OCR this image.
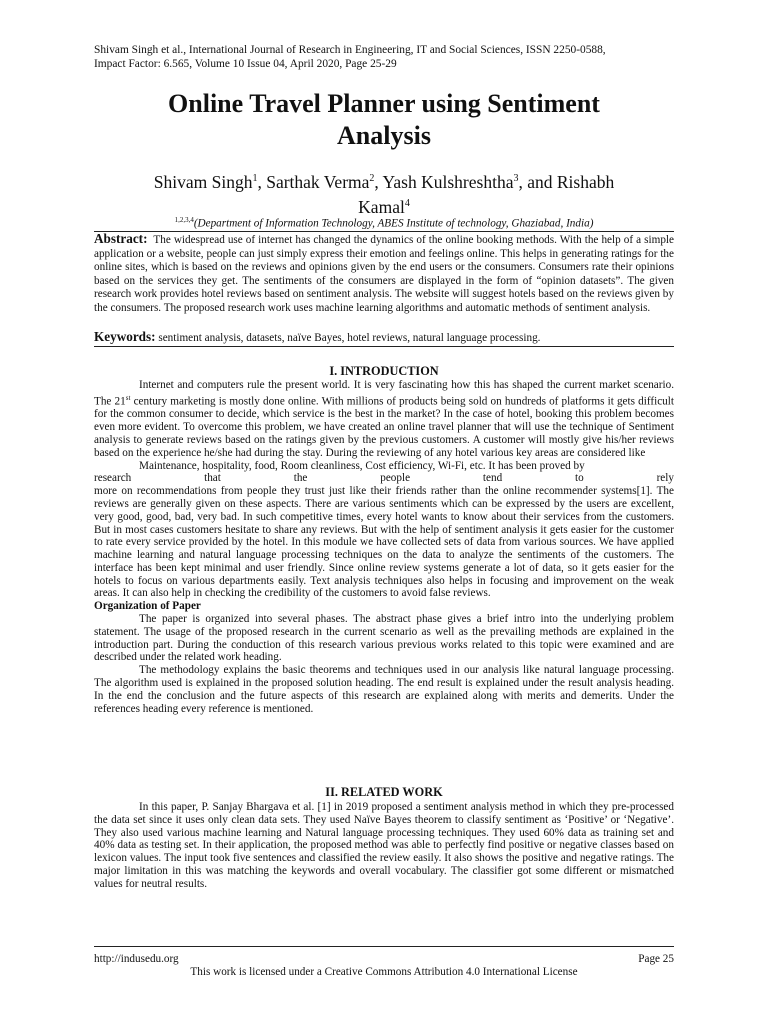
Shivam Singh et al., International Journal of Research in Engineering, IT and Social Sciences, ISSN 2250-0588,
Impact Factor: 6.565, Volume 10 Issue 04, April 2020, Page 25-29
Online Travel Planner using Sentiment
Analysis
Shivam Singh$^1$, Sarthak Verma$^2$, Yash Kulshreshtha$^3$, and Rishabh
Kamal$^4$
$^{1,2,3,4}$(Department of Information Technology, ABES Institute of technology, Ghaziabad, India)
Abstract: The widespread use of internet has changed the dynamics of the online booking methods. With the help of a simple application or a website, people can just simply express their emotion and feelings online. This helps in generating ratings for the online sites, which is based on the reviews and opinions given by the end users or the consumers. Consumers rate their opinions based on the services they get. The sentiments of the consumers are displayed in the form of “opinion datasets”. The given research work provides hotel reviews based on sentiment analysis. The website will suggest hotels based on the reviews given by the consumers. The proposed research work uses machine learning algorithms and automatic methods of sentiment analysis.
Keywords: sentiment analysis, datasets, naïve Bayes, hotel reviews, natural language processing.
I. INTRODUCTION

Internet and computers rule the present world. It is very fascinating how this has shaped the current market scenario. The 21st century marketing is mostly done online. With millions of products being sold on hundreds of platforms it gets difficult for the common consumer to decide, which service is the best in the market? In the case of hotel, booking this problem becomes even more evident. To overcome this problem, we have created an online travel planner that will use the technique of Sentiment analysis to generate reviews based on the ratings given by the previous customers. A customer will mostly give his/her reviews based on the experience he/she had during the stay. During the reviewing of any hotel various key areas are considered like

Maintenance, hospitality, food, Room cleanliness, Cost efficiency, Wi-Fi, etc. It has been proved by

research	that	the	people	tend	to	rely

more on recommendations from people they trust just like their friends rather than the online recommender systems[1]. The reviews are generally given on these aspects. There are various sentiments which can be expressed by the users are excellent, very good, good, bad, very bad. In such competitive times, every hotel wants to know about their services from the customers. But in most cases customers hesitate to share any reviews. But with the help of sentiment analysis it gets easier for the customer to rate every service provided by the hotel. In this module we have collected sets of data from various sources. We have applied machine learning and natural language processing techniques on the data to analyze the sentiments of the customers. The interface has been kept minimal and user friendly. Since online review systems generate a lot of data, so it gets easier for the hotels to focus on various departments easily. Text analysis techniques also helps in focusing and improvement on the weak areas. It can also help in checking the credibility of the customers to avoid false reviews.

Organization of Paper

The paper is organized into several phases. The abstract phase gives a brief intro into the underlying problem statement. The usage of the proposed research in the current scenario as well as the prevailing methods are explained in the introduction part. During the conduction of this research various previous works related to this topic were examined and are described under the related work heading.

The methodology explains the basic theorems and techniques used in our analysis like natural language processing. The algorithm used is explained in the proposed solution heading. The end result is explained under the result analysis heading. In the end the conclusion and the future aspects of this research are explained along with merits and demerits. Under the references heading every reference is mentioned.

II. RELATED WORK

In this paper, P. Sanjay Bhargava et al. [1] in 2019 proposed a sentiment analysis method in which they pre-processed the data set since it uses only clean data sets. They used Naïve Bayes theorem to classify sentiment as ‘Positive’ or ‘Negative’. They also used various machine learning and Natural language processing techniques. They used 60% data as training set and 40% data as testing set. In their application, the proposed method was able to perfectly find positive or negative classes based on lexicon values. The input took five sentences and classified the review easily. It also shows the positive and negative ratings. The major limitation in this was matching the keywords and overall vocabulary. The classifier got some different or mismatched values for neutral results.

http://indusedu.org	Page 25
This work is licensed under a Creative Commons Attribution 4.0 International License
